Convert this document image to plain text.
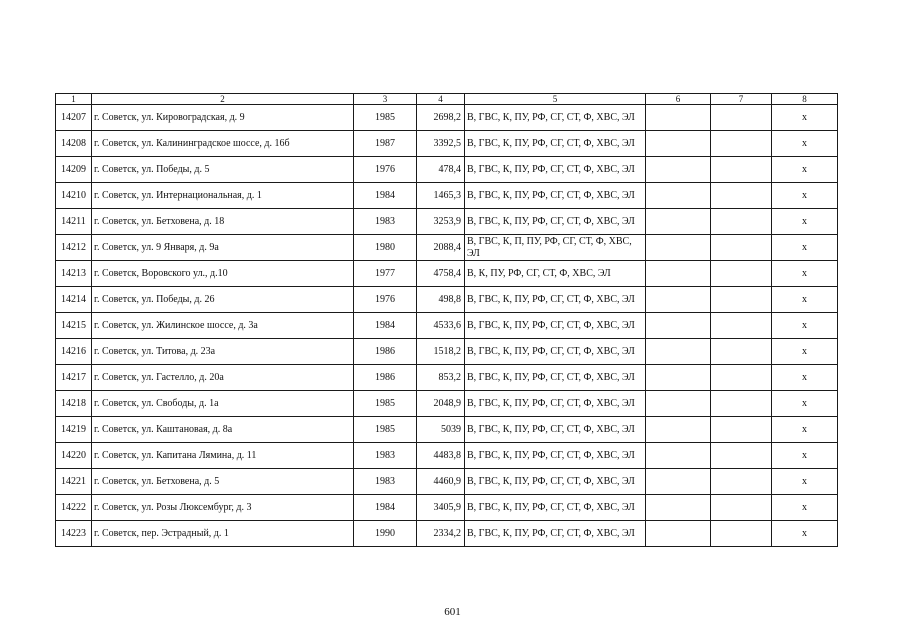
1	2	3	4	5	6	7	8
14207	г. Советск, ул. Кировоградская, д. 9	1985	2698,2	В, ГВС, К, ПУ, РФ, СГ, СТ, Ф, ХВС, ЭЛ			х
14208	г. Советск, ул. Калининградское шоссе, д. 16б	1987	3392,5	В, ГВС, К, ПУ, РФ, СГ, СТ, Ф, ХВС, ЭЛ			х
14209	г. Советск, ул. Победы, д. 5	1976	478,4	В, ГВС, К, ПУ, РФ, СГ, СТ, Ф, ХВС, ЭЛ			х
14210	г. Советск, ул. Интернациональная, д. 1	1984	1465,3	В, ГВС, К, ПУ, РФ, СГ, СТ, Ф, ХВС, ЭЛ			х
14211	г. Советск, ул. Бетховена, д. 18	1983	3253,9	В, ГВС, К, ПУ, РФ, СГ, СТ, Ф, ХВС, ЭЛ			х
14212	г. Советск, ул. 9 Января, д. 9а	1980	2088,4	В, ГВС, К, П, ПУ, РФ, СГ, СТ, Ф, ХВС, ЭЛ			х
14213	г. Советск, Воровского ул., д.10	1977	4758,4	В, К, ПУ, РФ, СГ, СТ, Ф, ХВС, ЭЛ			х
14214	г. Советск, ул. Победы, д. 26	1976	498,8	В, ГВС, К, ПУ, РФ, СГ, СТ, Ф, ХВС, ЭЛ			х
14215	г. Советск, ул. Жилинское шоссе, д. 3а	1984	4533,6	В, ГВС, К, ПУ, РФ, СГ, СТ, Ф, ХВС, ЭЛ			х
14216	г. Советск, ул. Титова, д. 23а	1986	1518,2	В, ГВС, К, ПУ, РФ, СГ, СТ, Ф, ХВС, ЭЛ			х
14217	г. Советск, ул. Гастелло, д. 20а	1986	853,2	В, ГВС, К, ПУ, РФ, СГ, СТ, Ф, ХВС, ЭЛ			х
14218	г. Советск, ул. Свободы, д. 1а	1985	2048,9	В, ГВС, К, ПУ, РФ, СГ, СТ, Ф, ХВС, ЭЛ			х
14219	г. Советск, ул. Каштановая, д. 8а	1985	5039	В, ГВС, К, ПУ, РФ, СГ, СТ, Ф, ХВС, ЭЛ			х
14220	г. Советск, ул. Капитана Лямина, д. 11	1983	4483,8	В, ГВС, К, ПУ, РФ, СГ, СТ, Ф, ХВС, ЭЛ			х
14221	г. Советск, ул. Бетховена, д. 5	1983	4460,9	В, ГВС, К, ПУ, РФ, СГ, СТ, Ф, ХВС, ЭЛ			х
14222	г. Советск, ул. Розы Люксембург, д. 3	1984	3405,9	В, ГВС, К, ПУ, РФ, СГ, СТ, Ф, ХВС, ЭЛ			х
14223	г. Советск, пер. Эстрадный, д. 1	1990	2334,2	В, ГВС, К, ПУ, РФ, СГ, СТ, Ф, ХВС, ЭЛ			х
601
